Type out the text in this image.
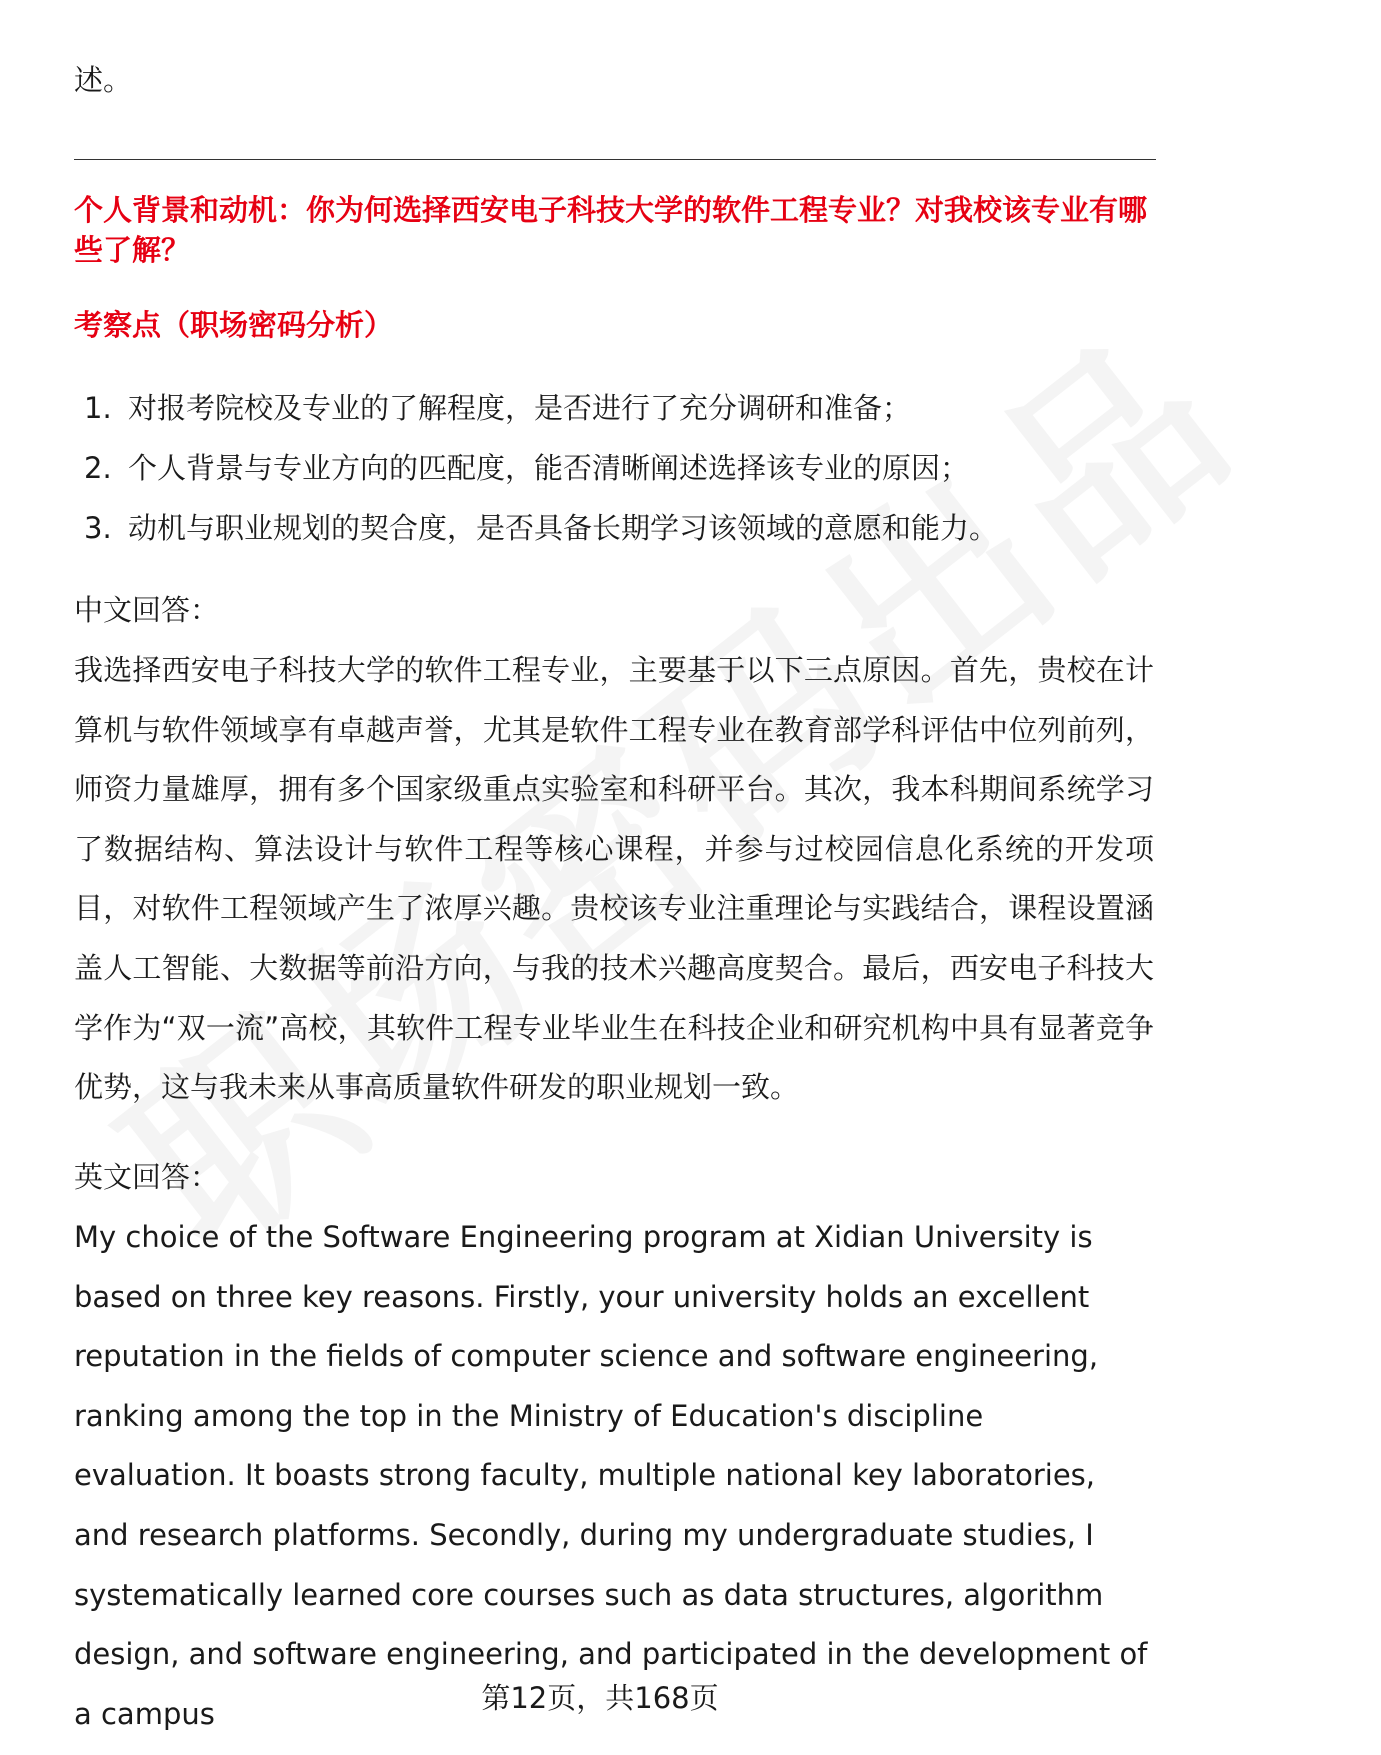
述。
个人背景和动机：你为何选择西安电子科技大学的软件工程专业？对我校该专业有哪些了解？
考察点（职场密码分析）
1. 对报考院校及专业的了解程度，是否进行了充分调研和准备；
2. 个人背景与专业方向的匹配度，能否清晰阐述选择该专业的原因；
3. 动机与职业规划的契合度，是否具备长期学习该领域的意愿和能力。
中文回答：
我选择西安电子科技大学的软件工程专业，主要基于以下三点原因。首先，贵校在计算机与软件领域享有卓越声誉，尤其是软件工程专业在教育部学科评估中位列前列，师资力量雄厚，拥有多个国家级重点实验室和科研平台。其次，我本科期间系统学习了数据结构、算法设计与软件工程等核心课程，并参与过校园信息化系统的开发项目，对软件工程领域产生了浓厚兴趣。贵校该专业注重理论与实践结合，课程设置涵盖人工智能、大数据等前沿方向，与我的技术兴趣高度契合。最后，西安电子科技大学作为“双一流”高校，其软件工程专业毕业生在科技企业和研究机构中具有显著竞争优势，这与我未来从事高质量软件研发的职业规划一致。
英文回答：
My choice of the Software Engineering program at Xidian University is based on three key reasons. Firstly, your university holds an excellent reputation in the fields of computer science and software engineering, ranking among the top in the Ministry of Education's discipline evaluation. It boasts strong faculty, multiple national key laboratories, and research platforms. Secondly, during my undergraduate studies, I systematically learned core courses such as data structures, algorithm design, and software engineering, and participated in the development of a campus	第12页，共168页
